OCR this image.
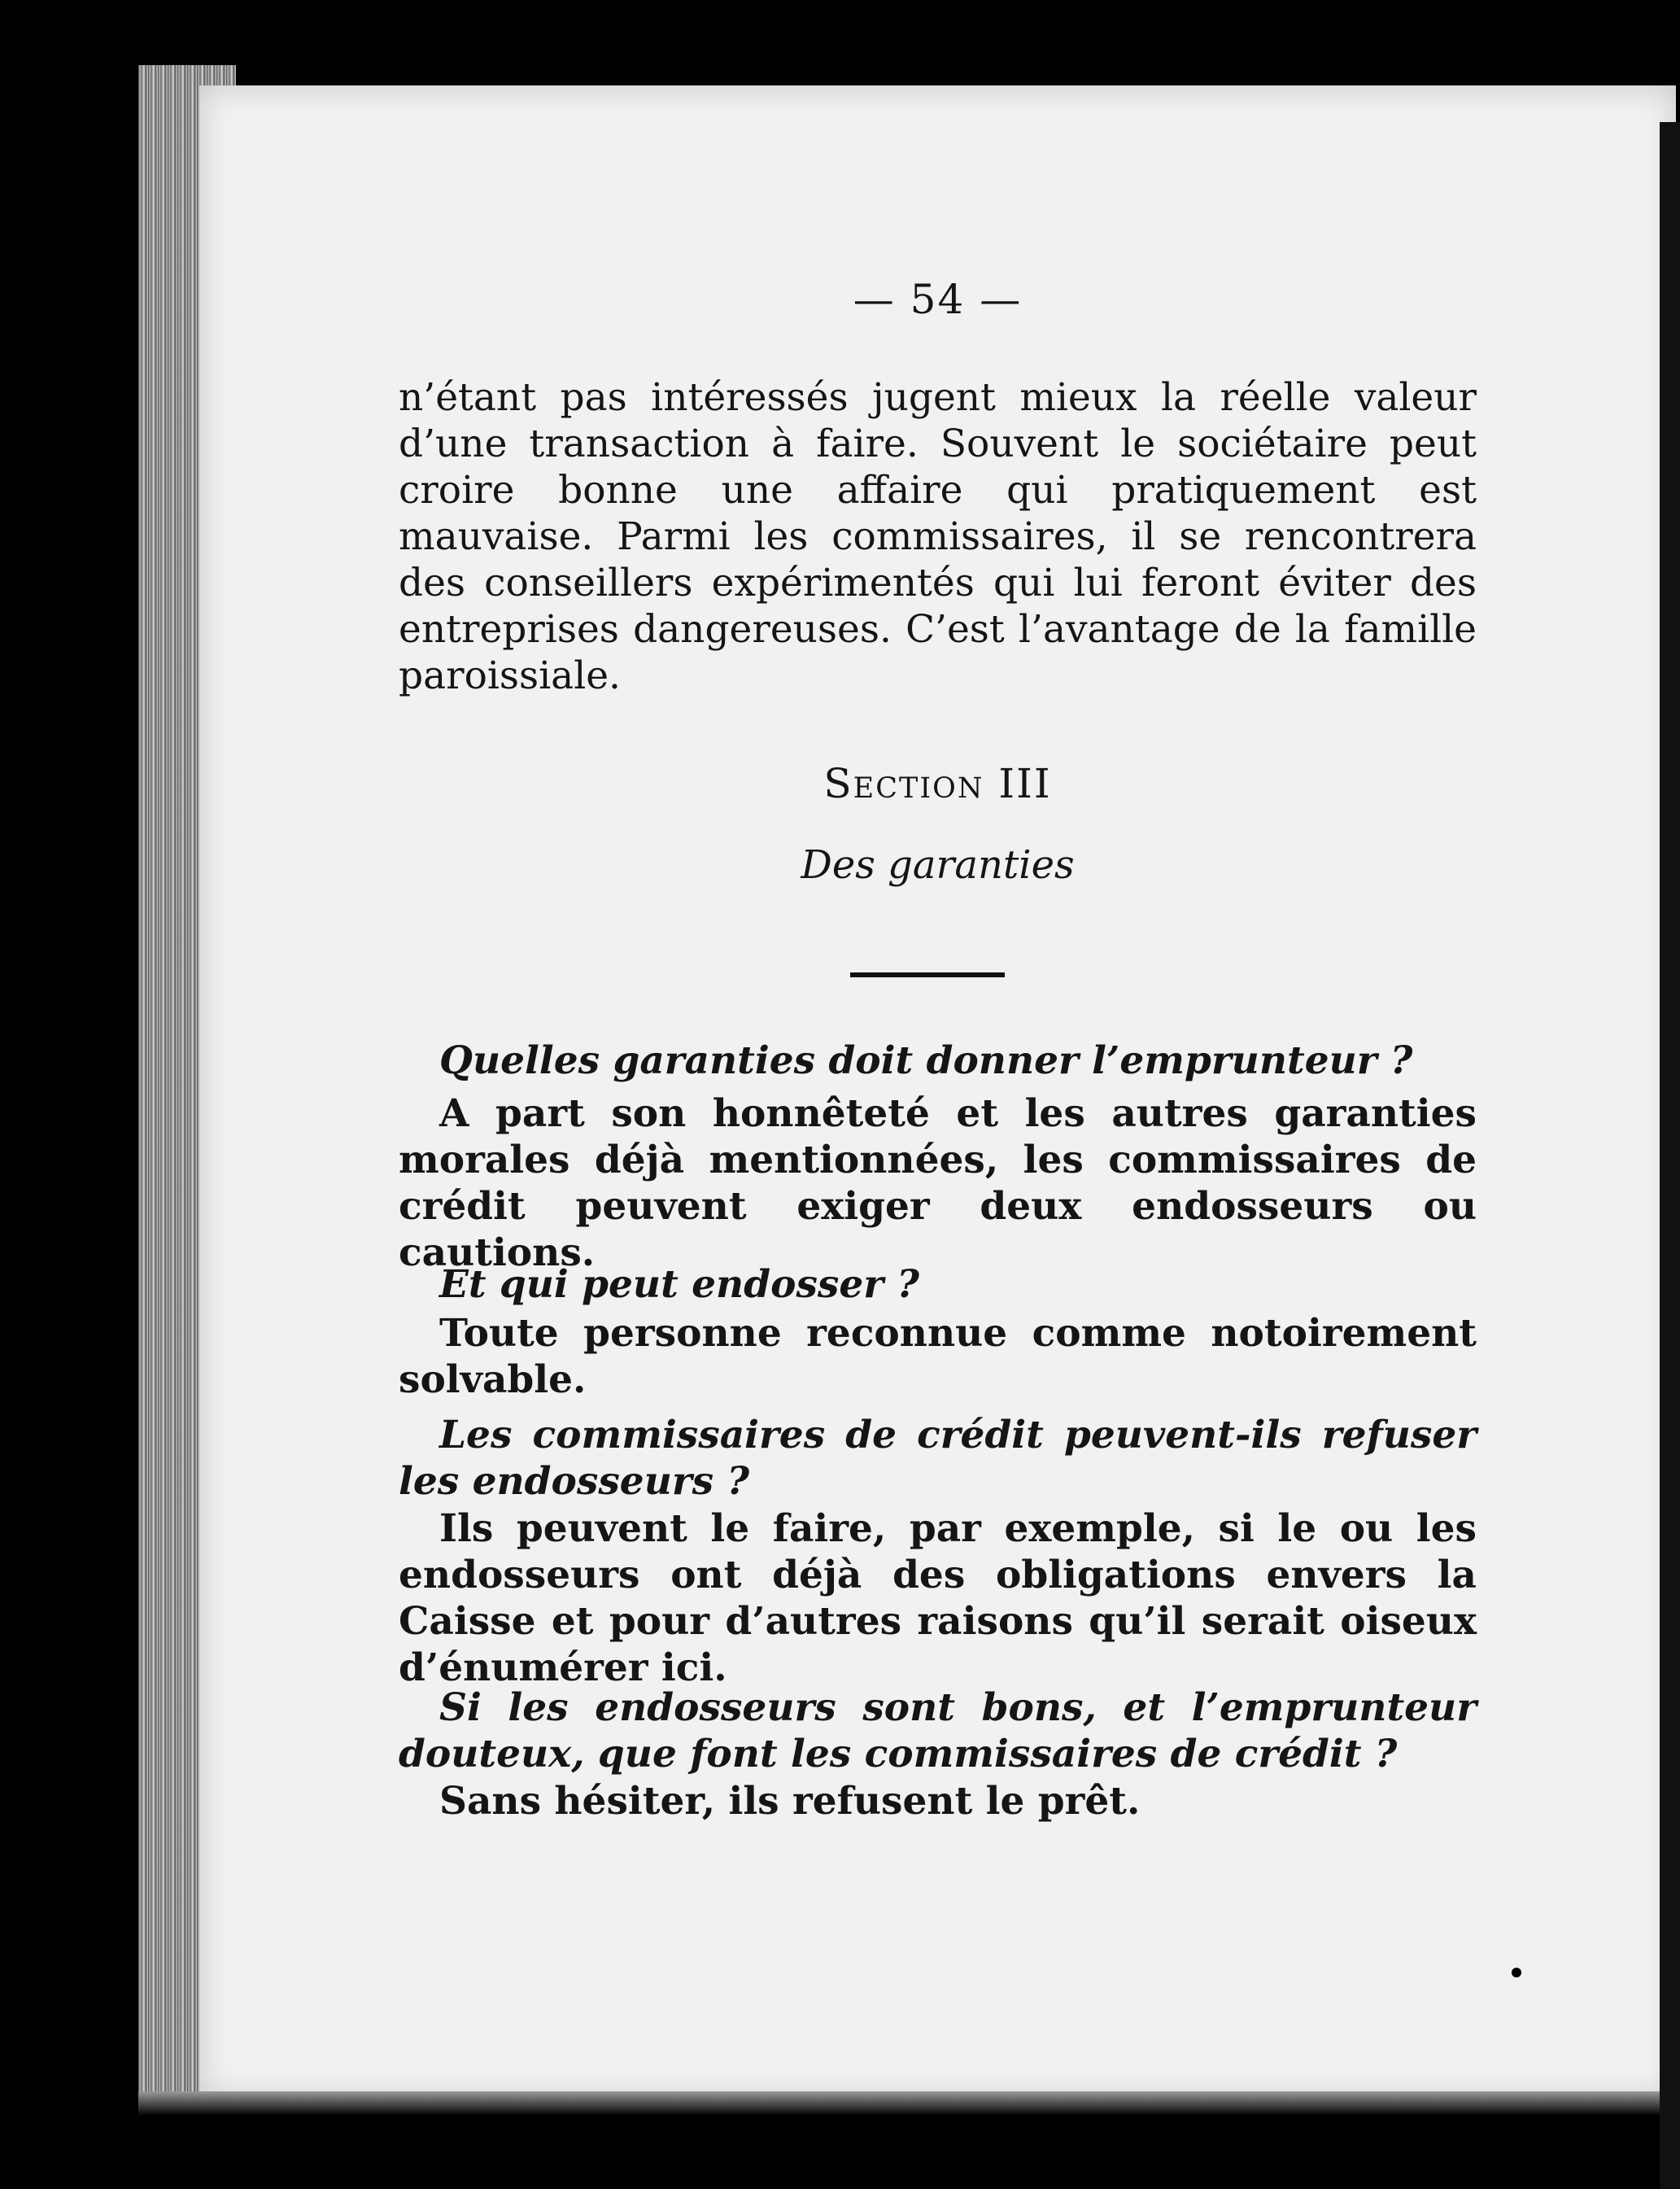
— 54 —

n’étant pas intéressés jugent mieux la réelle valeur d’une transaction à faire. Souvent le sociétaire peut croire bonne une affaire qui pratiquement est mauvaise. Parmi les commissaires, il se rencontrera des conseillers expérimentés qui lui feront éviter des entreprises dangereuses. C’est l’avantage de la famille paroissiale.

Section III
Des garanties

Quelles garanties doit donner l’emprunteur ?

A part son honnêteté et les autres garanties morales déjà mentionnées, les commissaires de crédit peuvent exiger deux endosseurs ou cautions.

Et qui peut endosser ?

Toute personne reconnue comme notoirement solvable.

Les commissaires de crédit peuvent-ils refuser les endosseurs ?

Ils peuvent le faire, par exemple, si le ou les endosseurs ont déjà des obligations envers la Caisse et pour d’autres raisons qu’il serait oiseux d’énumérer ici.

Si les endosseurs sont bons, et l’emprunteur douteux, que font les commissaires de crédit ?

Sans hésiter, ils refusent le prêt.
